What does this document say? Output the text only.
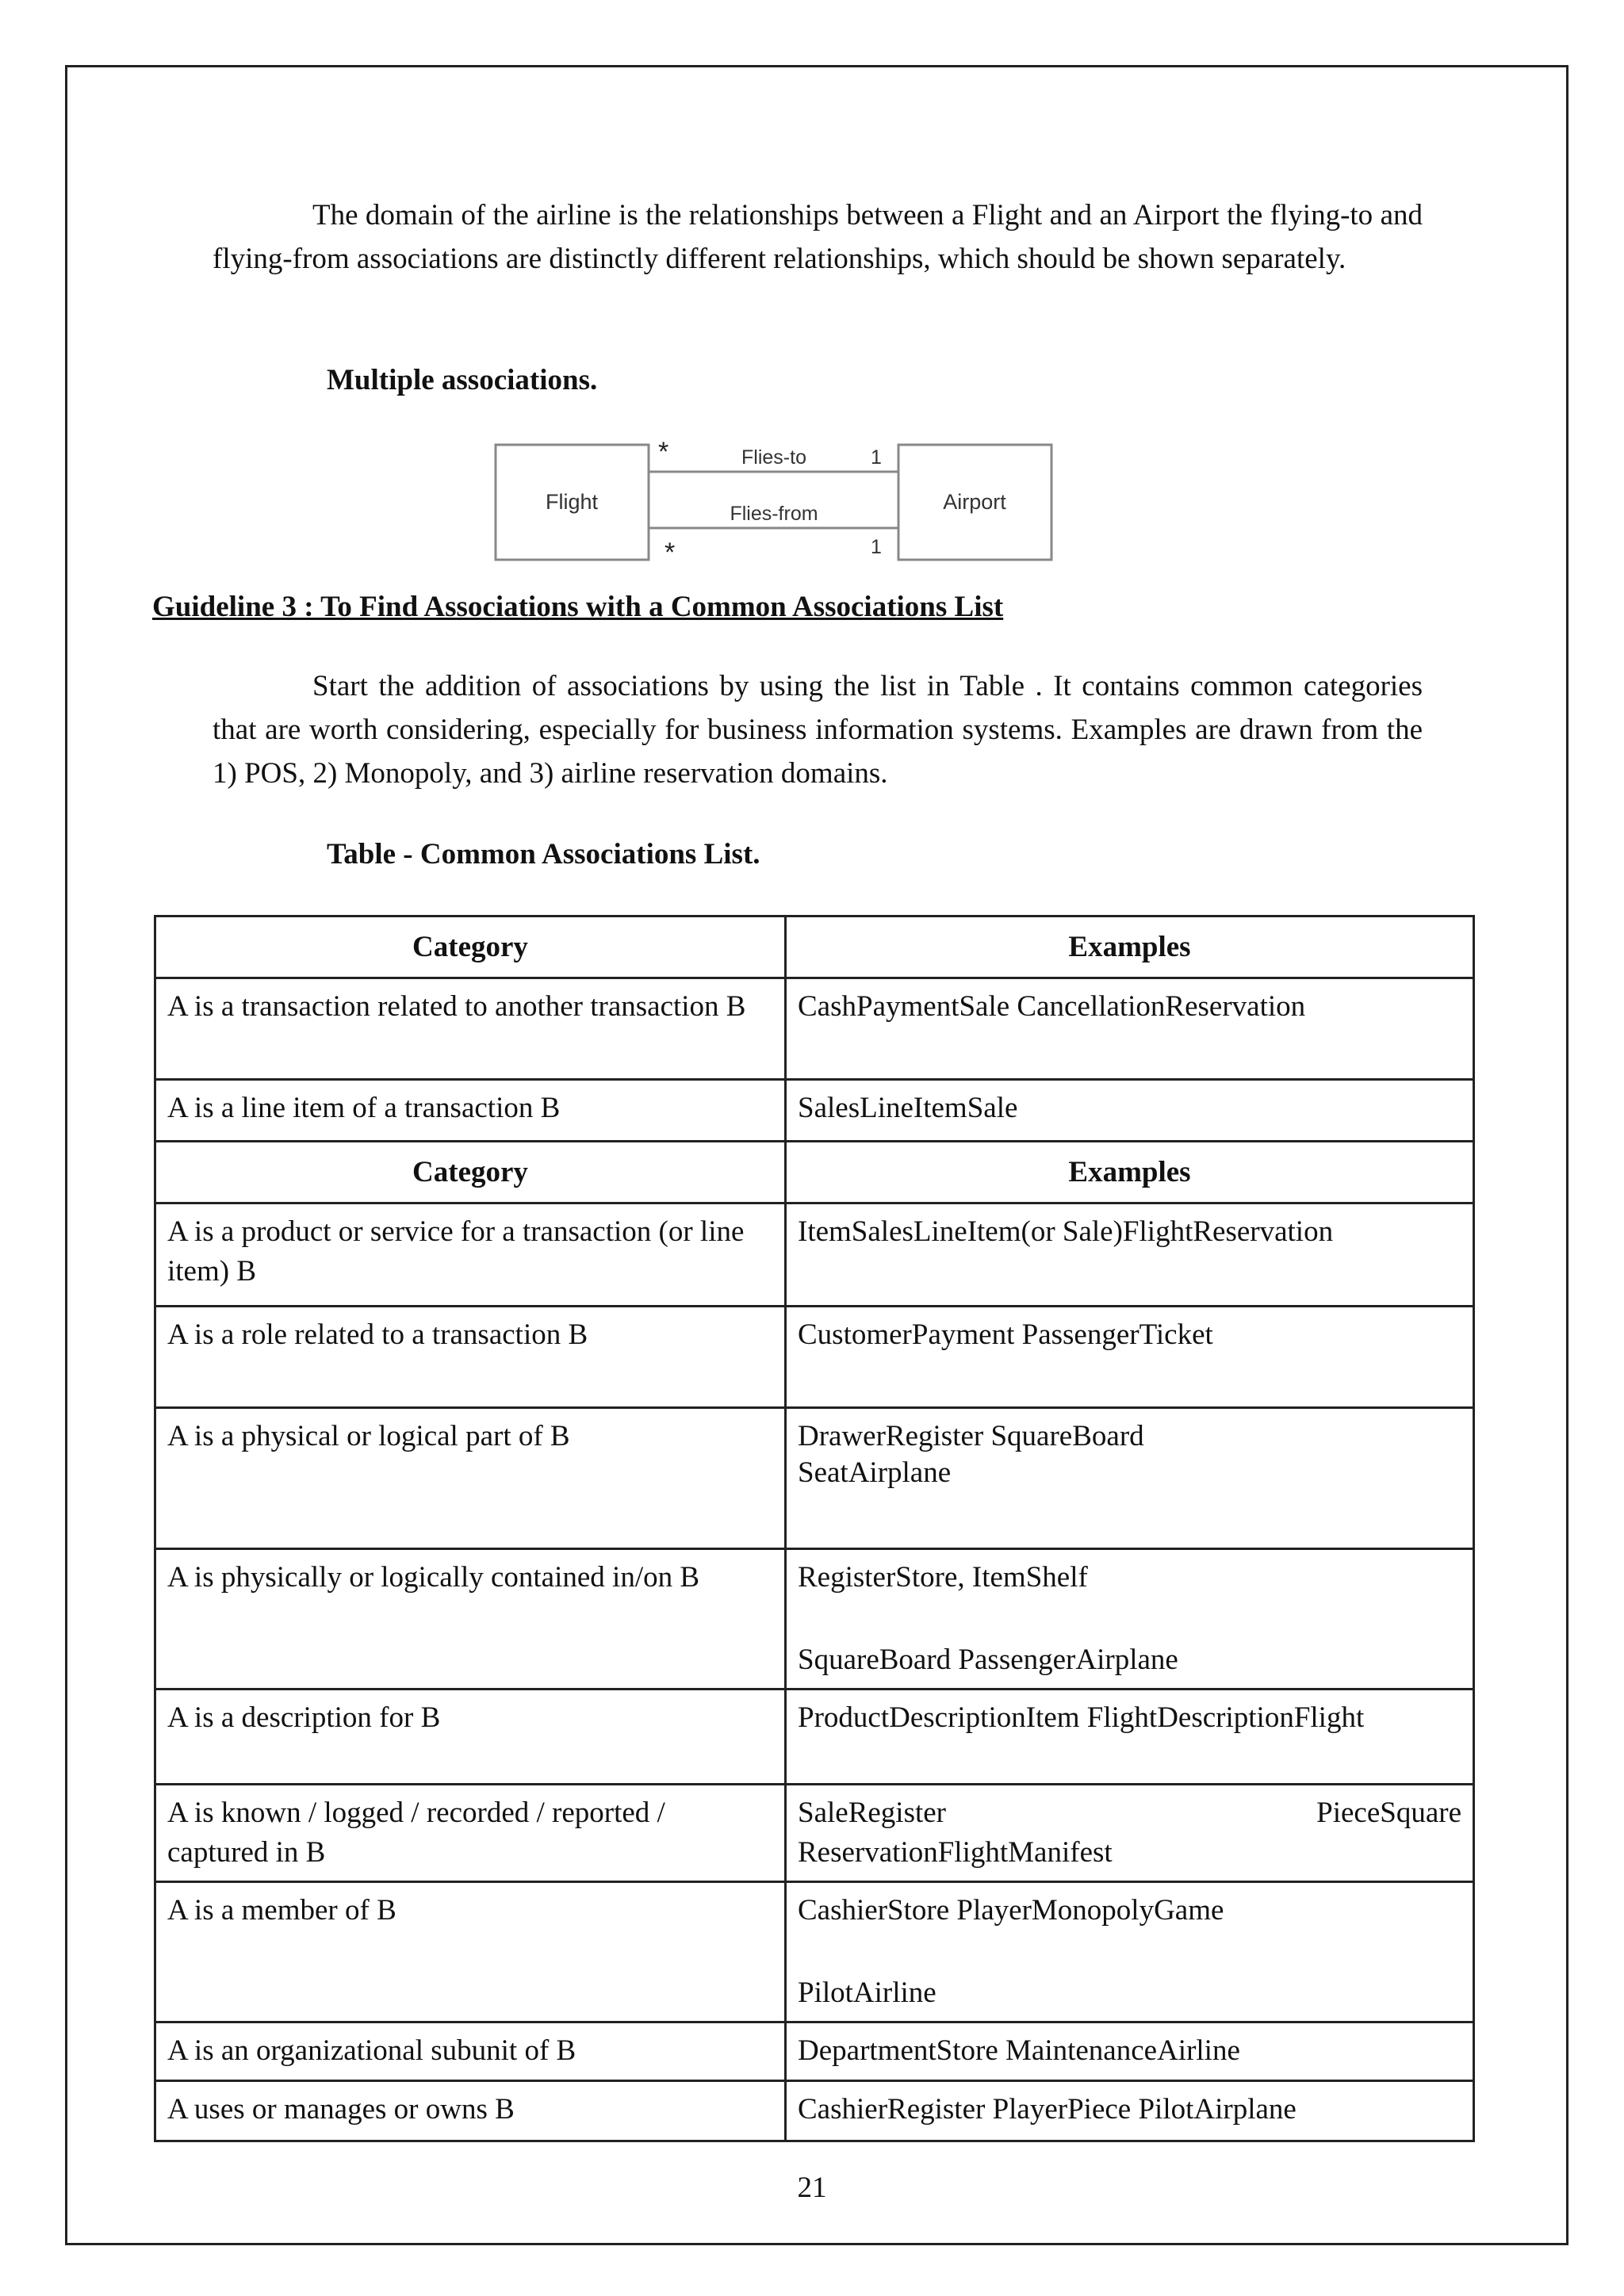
The domain of the airline is the relationships between a Flight and an Airport the flying-to and flying-from associations are distinctly different relationships, which should be shown separately.

Multiple associations.

Flight	Airport
Flies-to
Flies-from
*	1
*	1

Guideline 3 : To Find Associations with a Common Associations List

Start the addition of associations by using the list in Table . It contains common categories that are worth considering, especially for business information systems. Examples are drawn from the 1) POS, 2) Monopoly, and 3) airline reservation domains.

Table - Common Associations List.

Category	Examples
A is a transaction related to another transaction B	CashPaymentSale CancellationReservation
A is a line item of a transaction B	SalesLineItemSale
Category	Examples
A is a product or service for a transaction (or line item) B	ItemSalesLineItem(or Sale)FlightReservation
A is a role related to a transaction B	CustomerPayment PassengerTicket
A is a physical or logical part of B	DrawerRegister SquareBoard
SeatAirplane

A is physically or logically contained in/on B	RegisterStore, ItemShelf
SquareBoard PassengerAirplane

A is a description for B	ProductDescriptionItem FlightDescriptionFlight
A is known / logged / recorded / reported / captured in B	SaleRegister PieceSquare
ReservationFlightManifest

A is a member of B	CashierStore PlayerMonopolyGame
PilotAirline

A is an organizational subunit of B	DepartmentStore MaintenanceAirline
A uses or manages or owns B	CashierRegister PlayerPiece PilotAirplane

21
